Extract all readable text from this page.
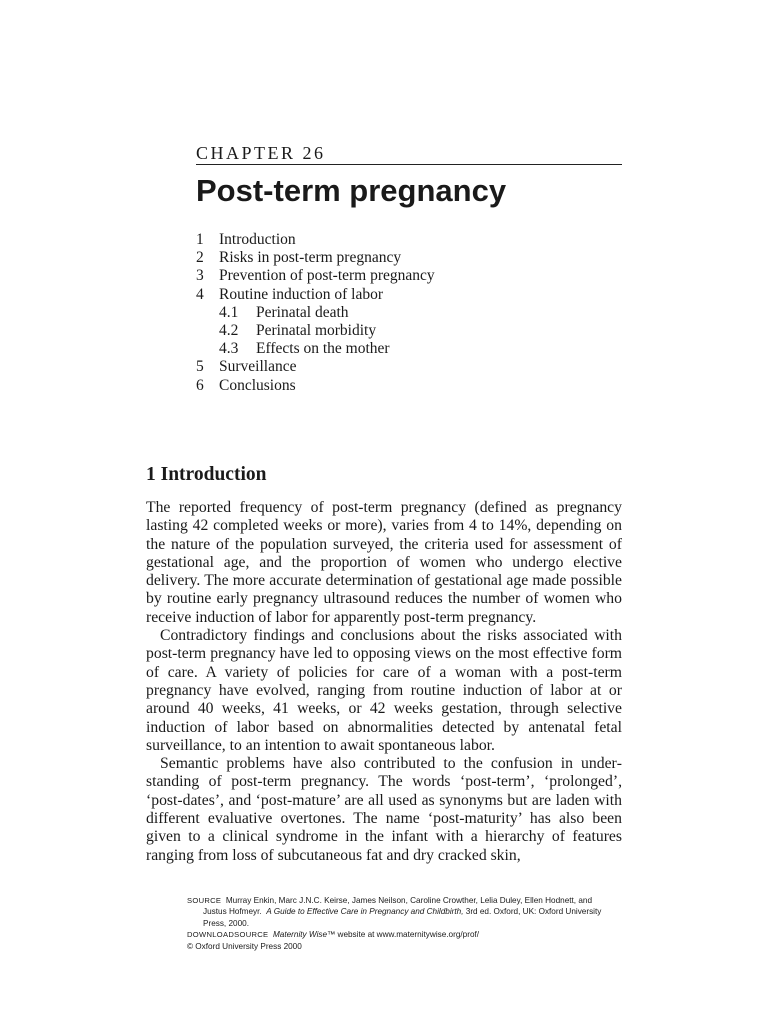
CHAPTER 26
Post-term pregnancy
1 Introduction
2 Risks in post-term pregnancy
3 Prevention of post-term pregnancy
4 Routine induction of labor
4.1 Perinatal death
4.2 Perinatal morbidity
4.3 Effects on the mother
5 Surveillance
6 Conclusions
1 Introduction

The reported frequency of post-term pregnancy (defined as pregnancy lasting 42 completed weeks or more), varies from 4 to 14%, depending on the nature of the population surveyed, the criteria used for assessment of gestational age, and the proportion of women who undergo elective delivery. The more accurate determination of gestational age made possible by routine early pregnancy ultrasound reduces the number of women who receive induction of labor for apparently post-term pregnancy.

Contradictory findings and conclusions about the risks associated with post-term pregnancy have led to opposing views on the most effective form of care. A variety of policies for care of a woman with a post-term pregnancy have evolved, ranging from routine induction of labor at or around 40 weeks, 41 weeks, or 42 weeks gestation, through selective induction of labor based on abnormalities detected by antenatal fetal surveillance, to an intention to await spontaneous labor.

Semantic problems have also contributed to the confusion in understanding of post-term pregnancy. The words ‘post-term’, ‘prolonged’, ‘post-dates’, and ‘post-mature’ are all used as synonyms but are laden with different evaluative overtones. The name ‘post-maturity’ has also been given to a clinical syndrome in the infant with a hierarchy of features ranging from loss of subcutaneous fat and dry cracked skin,

SOURCE Murray Enkin, Marc J.N.C. Keirse, James Neilson, Caroline Crowther, Lelia Duley, Ellen Hodnett, and
Justus Hofmeyr. A Guide to Effective Care in Pregnancy and Childbirth, 3rd ed. Oxford, UK: Oxford University
Press, 2000.
DOWNLOADSOURCE Maternity Wise™ website at www.maternitywise.org/prof/
© Oxford University Press 2000
